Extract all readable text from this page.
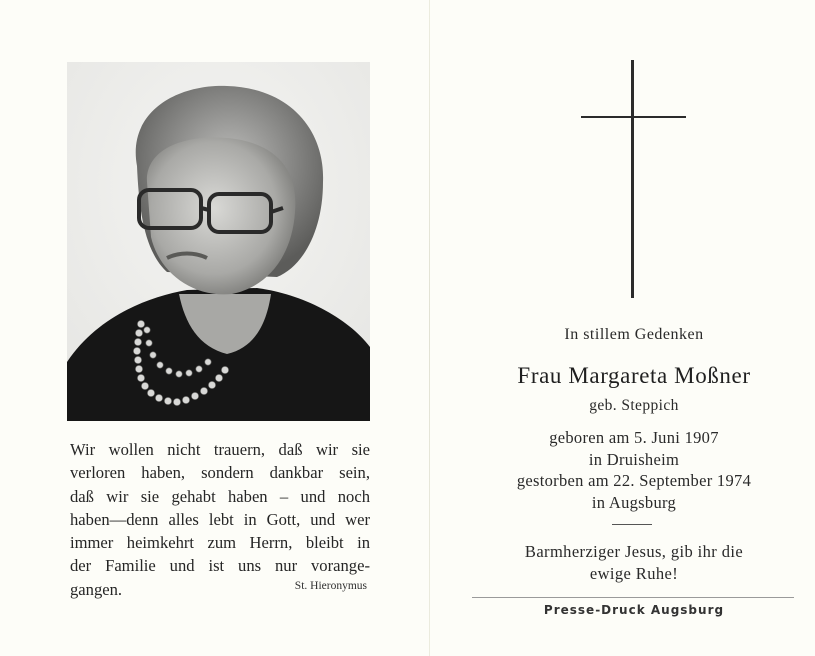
Wir wollen nicht trauern, daß wir sie
verloren haben, sondern dankbar sein,
daß wir sie gehabt haben – und noch
haben—denn alles lebt in Gott, und wer
immer heimkehrt zum Herrn, bleibt in
der Familie und ist uns nur vorange-
gangen.	St. Hieronymus
In stillem Gedenken
Frau Margareta Moßner
geb. Steppich
geboren am 5. Juni 1907
in Druisheim
gestorben am 22. September 1974
in Augsburg
Barmherziger Jesus, gib ihr die
ewige Ruhe!
Presse-Druck Augsburg
